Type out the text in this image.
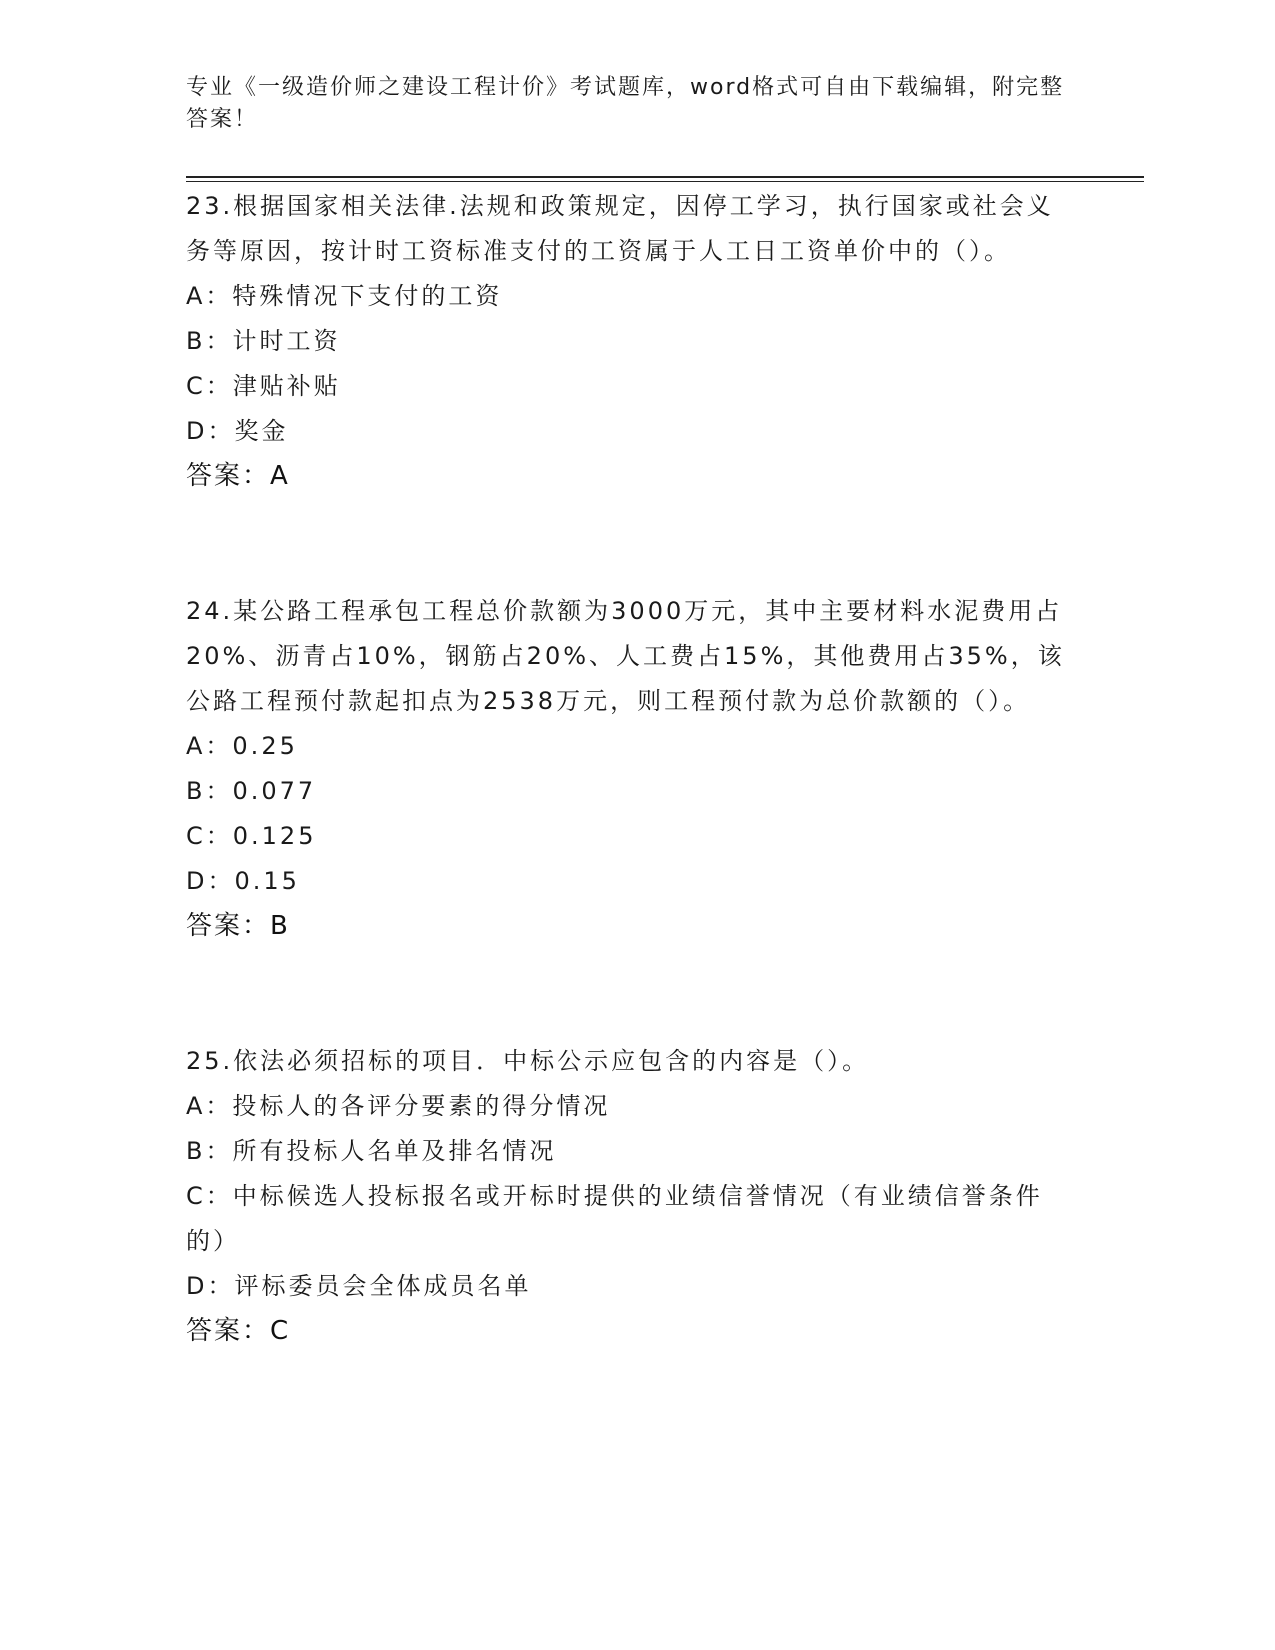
专业《一级造价师之建设工程计价》考试题库，word格式可自由下载编辑，附完整答案！

23.根据国家相关法律.法规和政策规定，因停工学习，执行国家或社会义务等原因，按计时工资标准支付的工资属于人工日工资单价中的（）。

A：特殊情况下支付的工资

B：计时工资

C：津贴补贴

D：奖金

答案：A

24.某公路工程承包工程总价款额为3000万元，其中主要材料水泥费用占20%、沥青占10%，钢筋占20%、人工费占15%，其他费用占35%，该公路工程预付款起扣点为2538万元，则工程预付款为总价款额的（）。

A：0.25

B：0.077

C：0.125

D：0.15

答案：B

25.依法必须招标的项目．中标公示应包含的内容是（）。

A：投标人的各评分要素的得分情况

B：所有投标人名单及排名情况

C：中标候选人投标报名或开标时提供的业绩信誉情况（有业绩信誉条件的）

D：评标委员会全体成员名单

答案：C
